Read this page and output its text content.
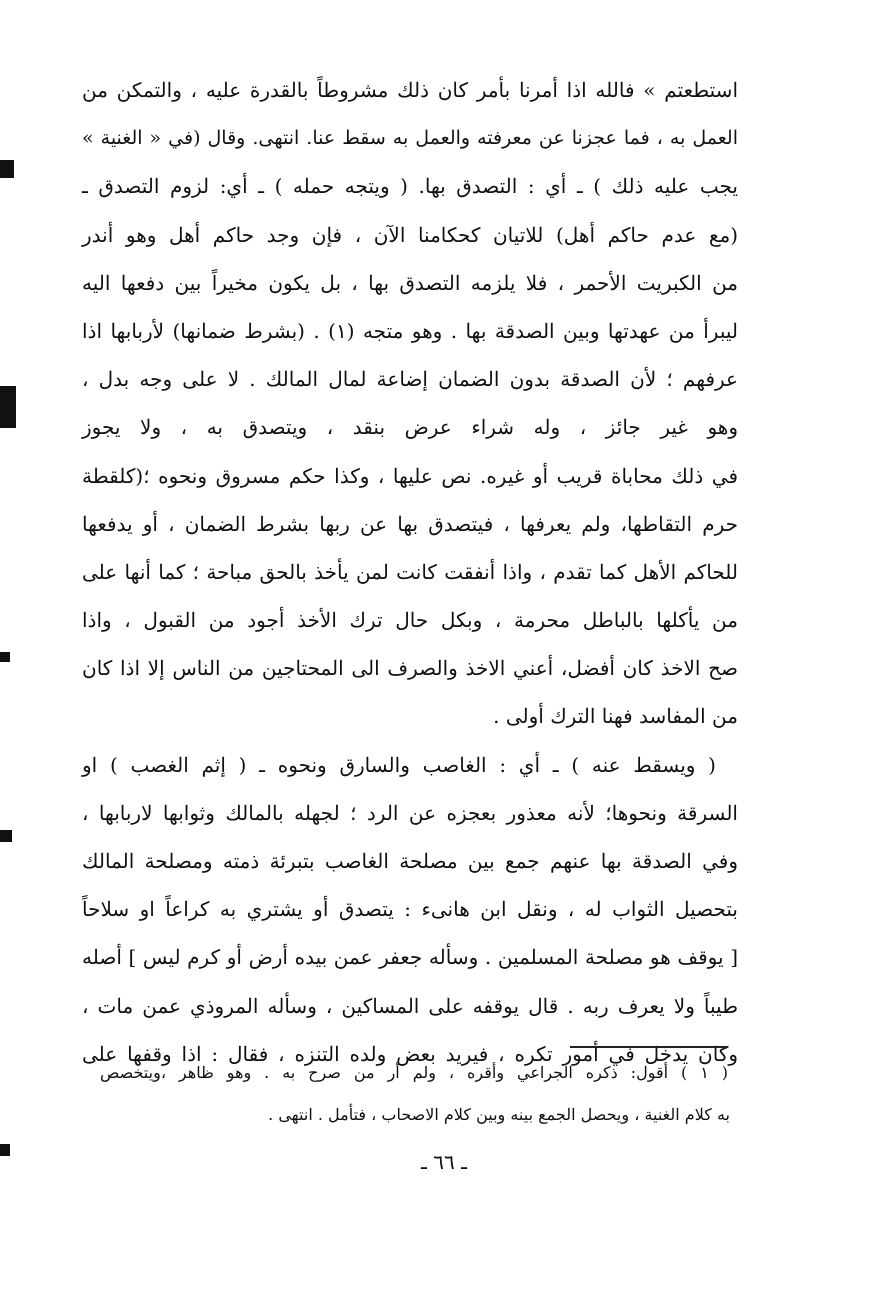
استطعتم » فالله اذا أمرنا بأمر كان ذلك مشروطاً بالقدرة عليه ، والتمكن من
العمل به ، فما عجزنا عن معرفته والعمل به سقط عنا. انتهى. وقال (في « الغنية »
يجب عليه ذلك ) ـ أي : التصدق بها. ( ويتجه حمله ) ـ أي: لزوم التصدق ـ
(مع عدم حاكم أهل) للاتيان كحكامنا الآن ، فإن وجد حاكم أهل وهو أندر
من الكبريت الأحمر ، فلا يلزمه التصدق بها ، بل يكون مخيراً بين دفعها اليه
ليبرأ من عهدتها وبين الصدقة بها . وهو متجه (١) . (بشرط ضمانها) لأربابها اذا
عرفهم ؛ لأن الصدقة بدون الضمان إضاعة لمال المالك . لا على وجه بدل ،
وهو غير جائز ، وله شراء عرض بنقد ، ويتصدق به ، ولا يجوز
في ذلك محاباة قريب أو غيره. نص عليها ، وكذا حكم مسروق ونحوه ؛(كلقطة
حرم التقاطها، ولم يعرفها ، فيتصدق بها عن ربها بشرط الضمان ، أو يدفعها
للحاكم الأهل كما تقدم ، واذا أنفقت كانت لمن يأخذ بالحق مباحة ؛ كما أنها على
من يأكلها بالباطل محرمة ، وبكل حال ترك الأخذ أجود من القبول ، واذا
صح الاخذ كان أفضل، أعني الاخذ والصرف الى المحتاجين من الناس إلا اذا كان
من المفاسد فهنا الترك أولى .
( ويسقط عنه ) ـ أي : الغاصب والسارق ونحوه ـ ( إثم الغصب ) او
السرقة ونحوها؛ لأنه معذور بعجزه عن الرد ؛ لجهله بالمالك وثوابها لاربابها ،
وفي الصدقة بها عنهم جمع بين مصلحة الغاصب بتبرئة ذمته ومصلحة المالك
بتحصيل الثواب له ، ونقل ابن هانىء : يتصدق أو يشتري به كراعاً او سلاحاً
[ يوقف هو مصلحة المسلمين . وسأله جعفر عمن بيده أرض أو كرم ليس ] أصله
طيباً ولا يعرف ربه . قال يوقفه على المساكين ، وسأله المروذي عمن مات ،
وكان يدخل في أمور تكره ، فيريد بعض ولده التنزه ، فقال : اذا وقفها على
( ١ ) أقول: ذكره الجراعي وأقره ، ولم أر من صرح به . وهو ظاهر ،ويتخصص
به كلام الغنية ، ويحصل الجمع بينه وبين كلام الاصحاب ، فتأمل . انتهى .
ـ ٦٦ ـ
